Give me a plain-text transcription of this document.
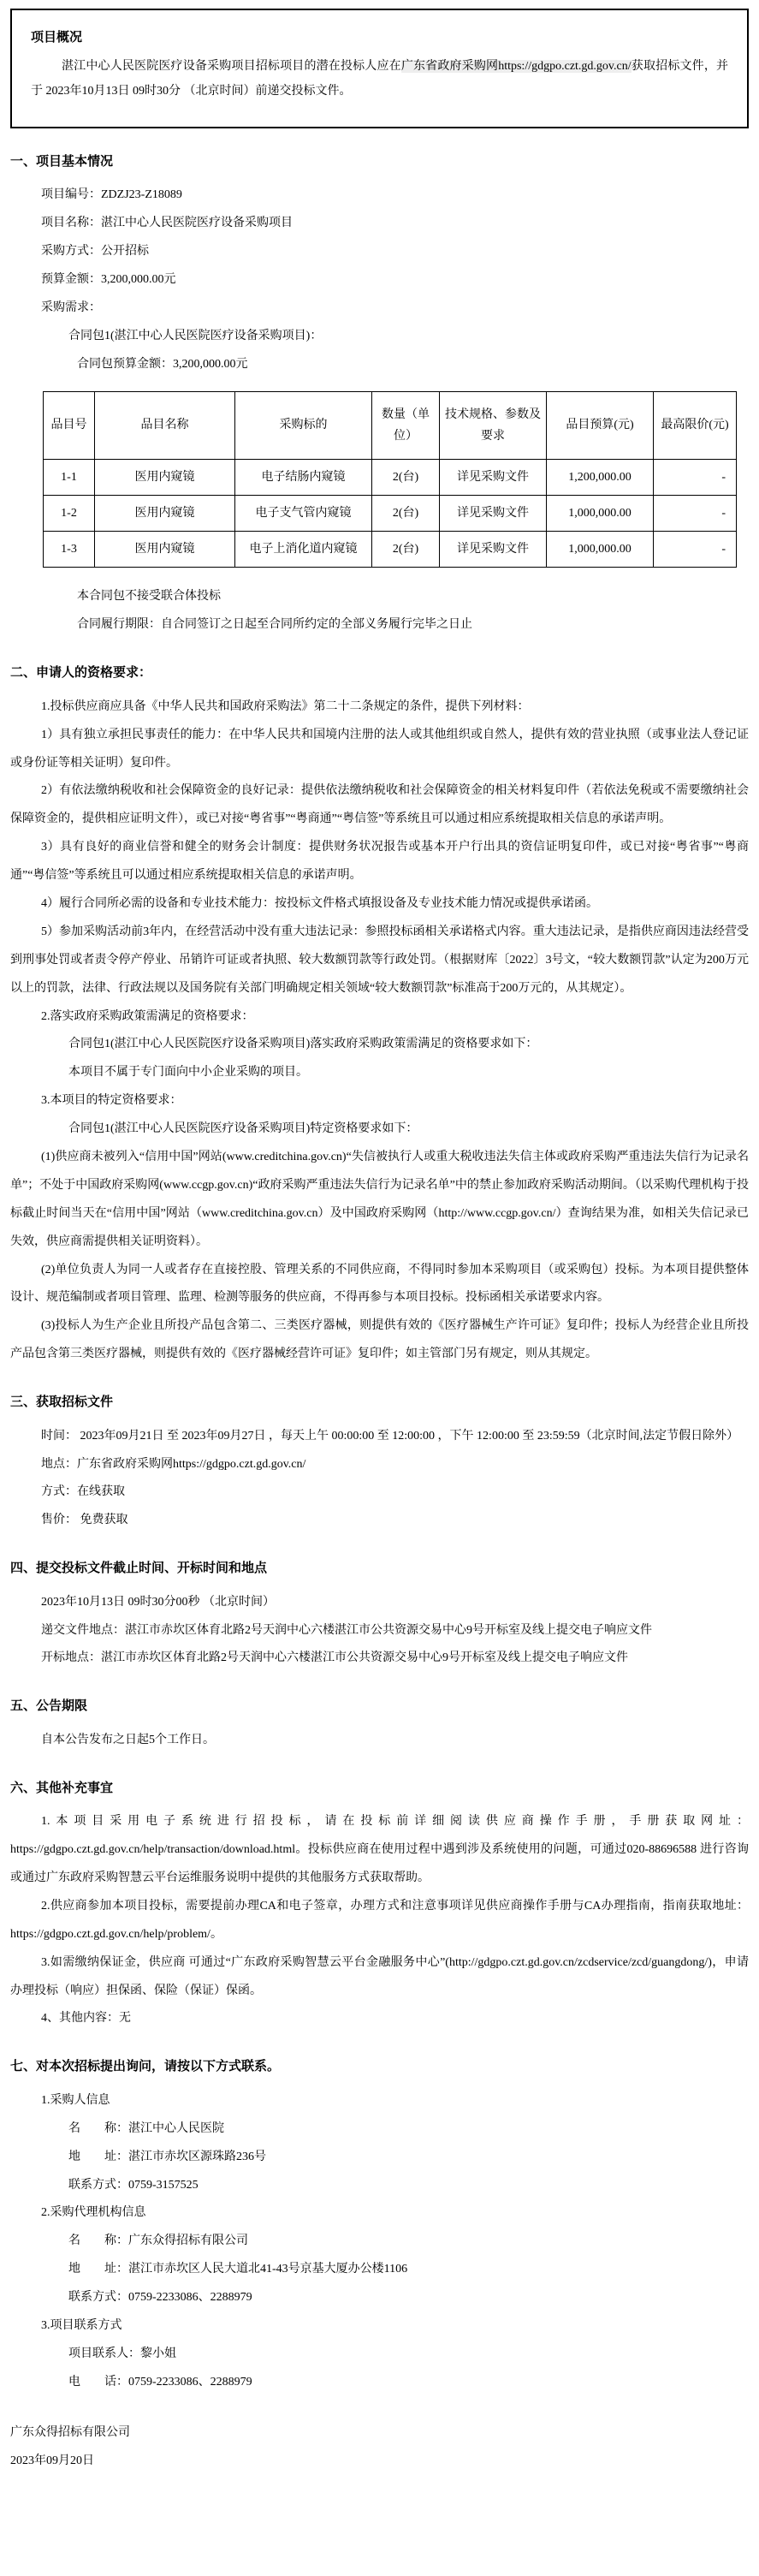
项目概况

湛江中心人民医院医疗设备采购项目招标项目的潜在投标人应在广东省政府采购网https://gdgpo.czt.gd.gov.cn/获取招标文件，并于 2023年10月13日 09时30分 （北京时间）前递交投标文件。

一、项目基本情况

项目编号：ZDZJ23-Z18089

项目名称：湛江中心人民医院医疗设备采购项目

采购方式：公开招标

预算金额：3,200,000.00元

采购需求：

合同包1(湛江中心人民医院医疗设备采购项目)：

合同包预算金额：3,200,000.00元

品目号	品目名称	采购标的	数量（单位）	技术规格、参数及要求	品目预算(元)	最高限价(元)
1-1	医用内窥镜	电子结肠内窥镜	2(台)	详见采购文件	1,200,000.00	-
1-2	医用内窥镜	电子支气管内窥镜	2(台)	详见采购文件	1,000,000.00	-
1-3	医用内窥镜	电子上消化道内窥镜	2(台)	详见采购文件	1,000,000.00	-

本合同包不接受联合体投标

合同履行期限：自合同签订之日起至合同所约定的全部义务履行完毕之日止

二、申请人的资格要求：

1.投标供应商应具备《中华人民共和国政府采购法》第二十二条规定的条件，提供下列材料：

1）具有独立承担民事责任的能力：在中华人民共和国境内注册的法人或其他组织或自然人，提供有效的营业执照（或事业法人登记证或身份证等相关证明）复印件。

2）有依法缴纳税收和社会保障资金的良好记录：提供依法缴纳税收和社会保障资金的相关材料复印件（若依法免税或不需要缴纳社会保障资金的，提供相应证明文件），或已对接“粤省事”“粤商通”“粤信签”等系统且可以通过相应系统提取相关信息的承诺声明。

3）具有良好的商业信誉和健全的财务会计制度：提供财务状况报告或基本开户行出具的资信证明复印件，或已对接“粤省事”“粤商通”“粤信签”等系统且可以通过相应系统提取相关信息的承诺声明。

4）履行合同所必需的设备和专业技术能力：按投标文件格式填报设备及专业技术能力情况或提供承诺函。

5）参加采购活动前3年内，在经营活动中没有重大违法记录：参照投标函相关承诺格式内容。重大违法记录，是指供应商因违法经营受到刑事处罚或者责令停产停业、吊销许可证或者执照、较大数额罚款等行政处罚。（根据财库〔2022〕3号文，“较大数额罚款”认定为200万元以上的罚款，法律、行政法规以及国务院有关部门明确规定相关领域“较大数额罚款”标准高于200万元的，从其规定）。

2.落实政府采购政策需满足的资格要求：

合同包1(湛江中心人民医院医疗设备采购项目)落实政府采购政策需满足的资格要求如下：

本项目不属于专门面向中小企业采购的项目。

3.本项目的特定资格要求：

合同包1(湛江中心人民医院医疗设备采购项目)特定资格要求如下：

(1)供应商未被列入“信用中国”网站(www.creditchina.gov.cn)“失信被执行人或重大税收违法失信主体或政府采购严重违法失信行为记录名单”；不处于中国政府采购网(www.ccgp.gov.cn)“政府采购严重违法失信行为记录名单”中的禁止参加政府采购活动期间。（以采购代理机构于投标截止时间当天在“信用中国”网站（www.creditchina.gov.cn）及中国政府采购网（http://www.ccgp.gov.cn/）查询结果为准，如相关失信记录已失效，供应商需提供相关证明资料）。

(2)单位负责人为同一人或者存在直接控股、管理关系的不同供应商，不得同时参加本采购项目（或采购包）投标。为本项目提供整体设计、规范编制或者项目管理、监理、检测等服务的供应商，不得再参与本项目投标。投标函相关承诺要求内容。

(3)投标人为生产企业且所投产品包含第二、三类医疗器械，则提供有效的《医疗器械生产许可证》复印件；投标人为经营企业且所投产品包含第三类医疗器械，则提供有效的《医疗器械经营许可证》复印件；如主管部门另有规定，则从其规定。

三、获取招标文件

时间： 2023年09月21日 至 2023年09月27日 ，每天上午 00:00:00 至 12:00:00 ，下午 12:00:00 至 23:59:59（北京时间,法定节假日除外）

地点：广东省政府采购网https://gdgpo.czt.gd.gov.cn/

方式：在线获取

售价： 免费获取

四、提交投标文件截止时间、开标时间和地点

2023年10月13日 09时30分00秒 （北京时间）

递交文件地点：湛江市赤坎区体育北路2号天润中心六楼湛江市公共资源交易中心9号开标室及线上提交电子响应文件

开标地点：湛江市赤坎区体育北路2号天润中心六楼湛江市公共资源交易中心9号开标室及线上提交电子响应文件

五、公告期限

自本公告发布之日起5个工作日。

六、其他补充事宜

1.本项目采用电子系统进行招投标，请在投标前详细阅读供应商操作手册，手册获取网址：https://gdgpo.czt.gd.gov.cn/help/transaction/download.html。投标供应商在使用过程中遇到涉及系统使用的问题，可通过020-88696588 进行咨询或通过广东政府采购智慧云平台运维服务说明中提供的其他服务方式获取帮助。

2.供应商参加本项目投标，需要提前办理CA和电子签章，办理方式和注意事项详见供应商操作手册与CA办理指南，指南获取地址：https://gdgpo.czt.gd.gov.cn/help/problem/。

3.如需缴纳保证金，供应商 可通过“广东政府采购智慧云平台金融服务中心”(http://gdgpo.czt.gd.gov.cn/zcdservice/zcd/guangdong/)，申请办理投标（响应）担保函、保险（保证）保函。

4、其他内容：无

七、对本次招标提出询问，请按以下方式联系。

1.采购人信息

名　　称：湛江中心人民医院

地　　址：湛江市赤坎区源珠路236号

联系方式：0759-3157525

2.采购代理机构信息

名　　称：广东众得招标有限公司

地　　址：湛江市赤坎区人民大道北41-43号京基大厦办公楼1106

联系方式：0759-2233086、2288979

3.项目联系方式

项目联系人：黎小姐

电　　话：0759-2233086、2288979

广东众得招标有限公司

2023年09月20日
